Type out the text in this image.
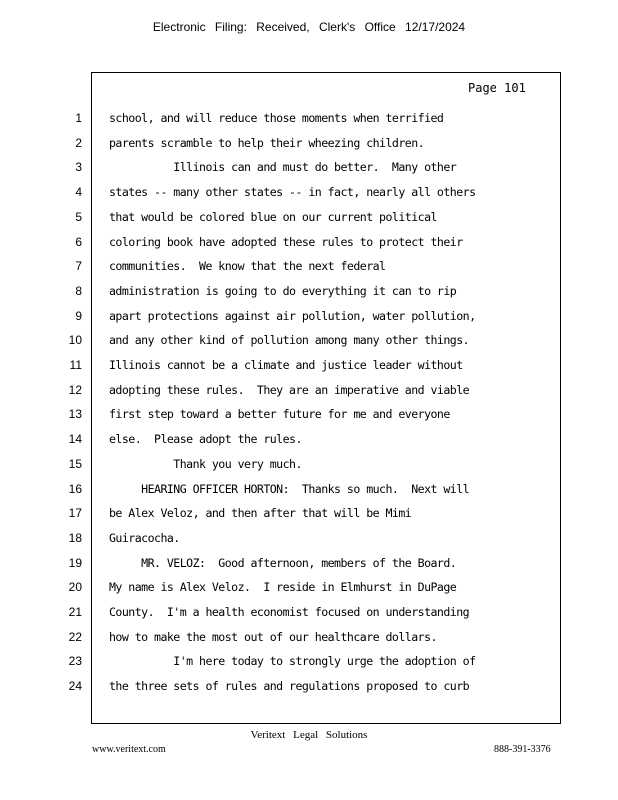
Electronic Filing: Received, Clerk's Office 12/17/2024
Page 101
1 school, and will reduce those moments when terrified
2 parents scramble to help their wheezing children.
3 Illinois can and must do better.  Many other
4 states -- many other states -- in fact, nearly all others
5 that would be colored blue on our current political
6 coloring book have adopted these rules to protect their
7 communities.  We know that the next federal
8 administration is going to do everything it can to rip
9 apart protections against air pollution, water pollution,
10 and any other kind of pollution among many other things.
11 Illinois cannot be a climate and justice leader without
12 adopting these rules.  They are an imperative and viable
13 first step toward a better future for me and everyone
14 else.  Please adopt the rules.
15 Thank you very much.
16 HEARING OFFICER HORTON:  Thanks so much.  Next will
17 be Alex Veloz, and then after that will be Mimi
18 Guiracocha.
19 MR. VELOZ:  Good afternoon, members of the Board.
20 My name is Alex Veloz.  I reside in Elmhurst in DuPage
21 County.  I'm a health economist focused on understanding
22 how to make the most out of our healthcare dollars.
23 I'm here today to strongly urge the adoption of
24 the three sets of rules and regulations proposed to curb
Veritext Legal Solutions
www.veritext.com	888-391-3376
